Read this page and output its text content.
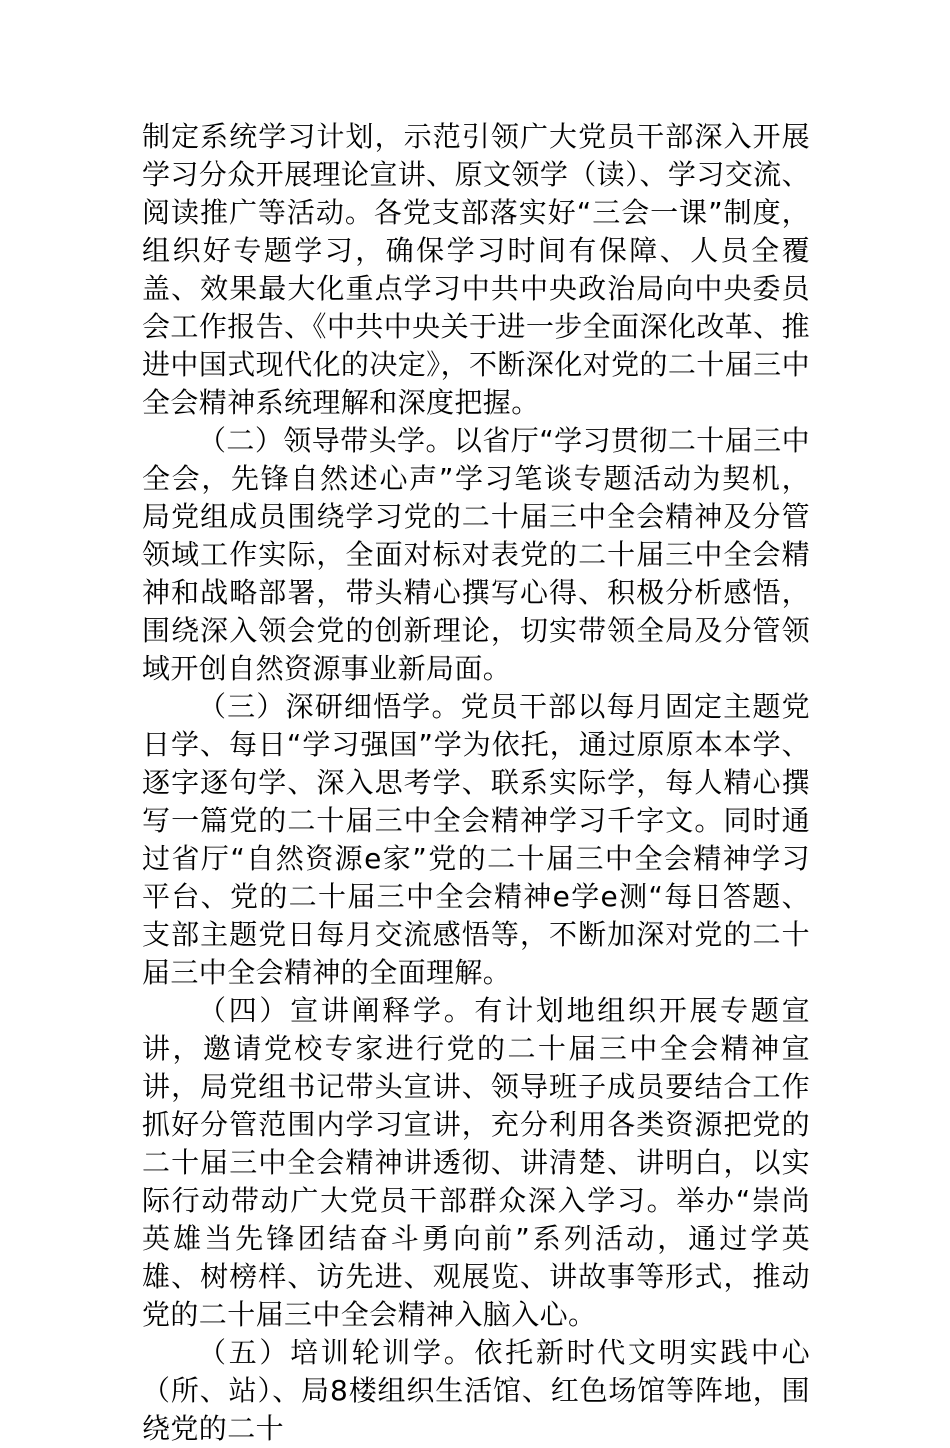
制定系统学习计划，示范引领广大党员干部深入开展学习分众开展理论宣讲、原文领学（读）、学习交流、阅读推广等活动。各党支部落实好“三会一课”制度，组织好专题学习，确保学习时间有保障、人员全覆盖、效果最大化重点学习中共中央政治局向中央委员会工作报告、《中共中央关于进一步全面深化改革、推进中国式现代化的决定》，不断深化对党的二十届三中全会精神系统理解和深度把握。

（二）领导带头学。以省厅“学习贯彻二十届三中全会，先锋自然述心声”学习笔谈专题活动为契机，局党组成员围绕学习党的二十届三中全会精神及分管领域工作实际，全面对标对表党的二十届三中全会精神和战略部署，带头精心撰写心得、积极分析感悟，围绕深入领会党的创新理论，切实带领全局及分管领域开创自然资源事业新局面。

（三）深研细悟学。党员干部以每月固定主题党日学、每日“学习强国”学为依托，通过原原本本学、逐字逐句学、深入思考学、联系实际学，每人精心撰写一篇党的二十届三中全会精神学习千字文。同时通过省厅“自然资源e家”党的二十届三中全会精神学习平台、党的二十届三中全会精神e学e测“每日答题、支部主题党日每月交流感悟等，不断加深对党的二十届三中全会精神的全面理解。

（四）宣讲阐释学。有计划地组织开展专题宣讲，邀请党校专家进行党的二十届三中全会精神宣讲，局党组书记带头宣讲、领导班子成员要结合工作抓好分管范围内学习宣讲，充分利用各类资源把党的二十届三中全会精神讲透彻、讲清楚、讲明白，以实际行动带动广大党员干部群众深入学习。举办“崇尚英雄当先锋团结奋斗勇向前”系列活动，通过学英雄、树榜样、访先进、观展览、讲故事等形式，推动党的二十届三中全会精神入脑入心。

（五）培训轮训学。依托新时代文明实践中心（所、站）、局8楼组织生活馆、红色场馆等阵地，围绕党的二十
